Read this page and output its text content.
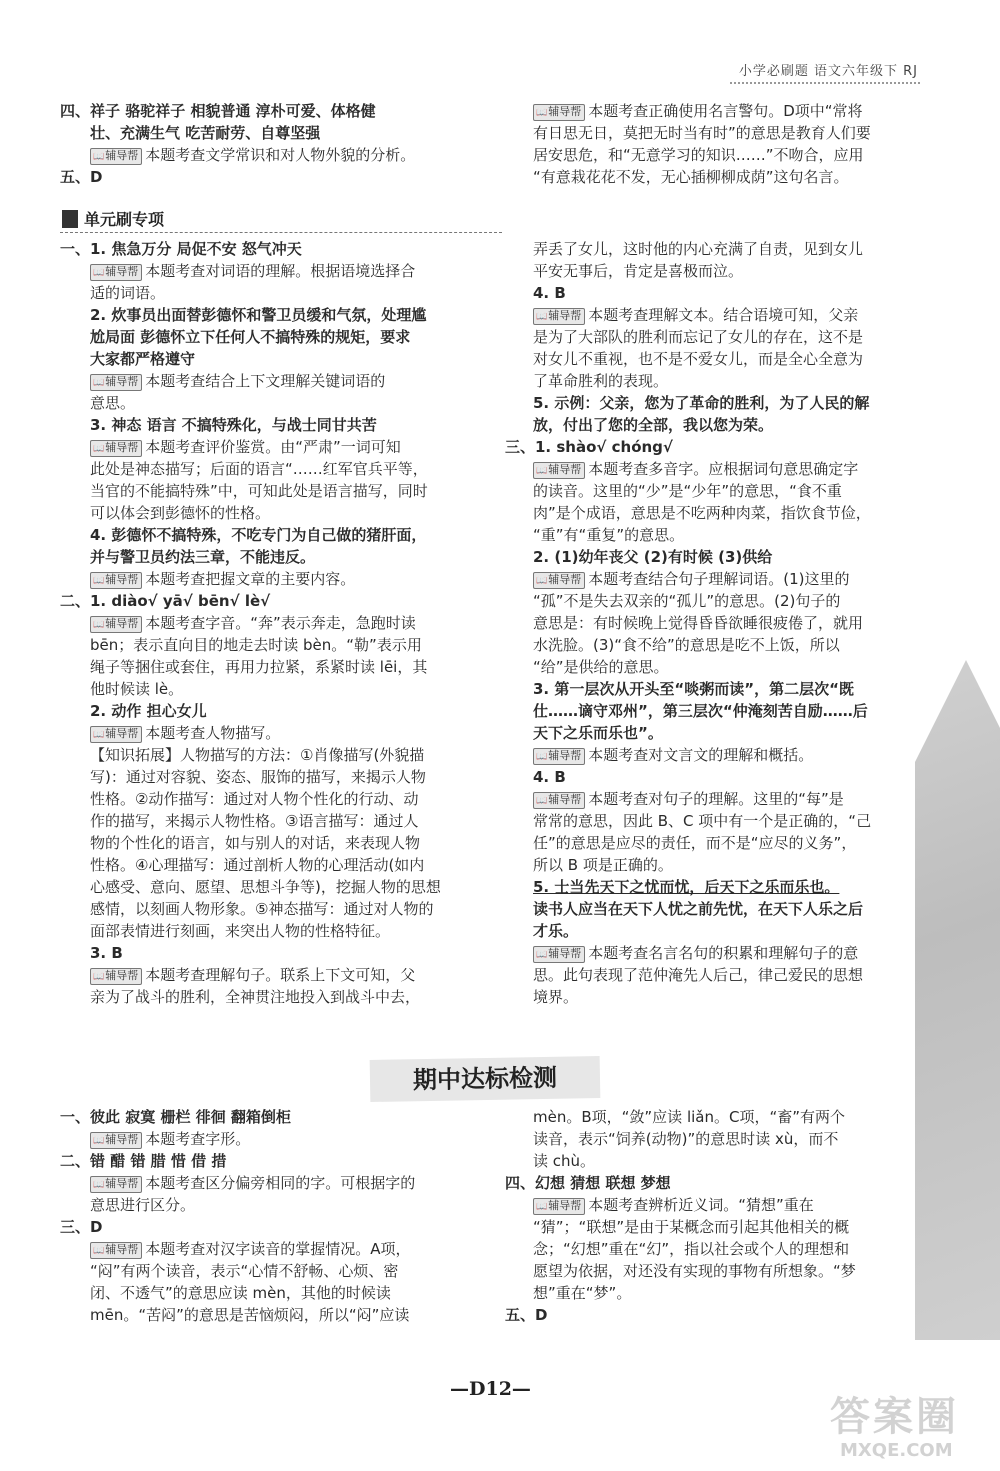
小学必刷题 语文六年级下 RJ
四、祥子 骆驼祥子 相貌普通 淳朴可爱、体格健
壮、充满生气 吃苦耐劳、自尊坚强
📖 辅导帮 本题考查文学常识和对人物外貌的分析。
五、D
📖 辅导帮 本题考查正确使用名言警句。D项中“常将
有日思无日，莫把无时当有时”的意思是教育人们要
居安思危，和“无意学习的知识……”不吻合，应用
“有意栽花花不发，无心插柳柳成荫”这句名言。
单元刷专项
一、1. 焦急万分 局促不安 怒气冲天
📖 辅导帮 本题考查对词语的理解。根据语境选择合
适的词语。
2. 炊事员出面替彭德怀和警卫员缓和气氛，处理尴
尬局面 彭德怀立下任何人不搞特殊的规矩，要求
大家都严格遵守
📖 辅导帮 本题考查结合上下文理解关键词语的
意思。
3. 神态 语言 不搞特殊化，与战士同甘共苦
📖 辅导帮 本题考查评价鉴赏。由“严肃”一词可知
此处是神态描写；后面的语言“……红军官兵平等，
当官的不能搞特殊”中，可知此处是语言描写，同时
可以体会到彭德怀的性格。
4. 彭德怀不搞特殊，不吃专门为自己做的猪肝面，
并与警卫员约法三章，不能违反。
📖 辅导帮 本题考查把握文章的主要内容。
二、1. diào√ yā√ bēn√ lè√
📖 辅导帮 本题考查字音。“奔”表示奔走，急跑时读
bēn；表示直向目的地走去时读 bèn。“勒”表示用
绳子等捆住或套住，再用力拉紧，系紧时读 lēi，其
他时候读 lè。
2. 动作 担心女儿
📖 辅导帮 本题考查人物描写。
【知识拓展】人物描写的方法：①肖像描写(外貌描
写)：通过对容貌、姿态、服饰的描写，来揭示人物
性格。②动作描写：通过对人物个性化的行动、动
作的描写，来揭示人物性格。③语言描写：通过人
物的个性化的语言，如与别人的对话，来表现人物
性格。④心理描写：通过剖析人物的心理活动(如内
心感受、意向、愿望、思想斗争等)，挖掘人物的思想
感情，以刻画人物形象。⑤神态描写：通过对人物的
面部表情进行刻画，来突出人物的性格特征。
3. B
📖 辅导帮 本题考查理解句子。联系上下文可知，父
亲为了战斗的胜利，全神贯注地投入到战斗中去，
弄丢了女儿，这时他的内心充满了自责，见到女儿
平安无事后，肯定是喜极而泣。
4. B
📖 辅导帮 本题考查理解文本。结合语境可知，父亲
是为了大部队的胜利而忘记了女儿的存在，这不是
对女儿不重视，也不是不爱女儿，而是全心全意为
了革命胜利的表现。
5. 示例：父亲，您为了革命的胜利，为了人民的解
放，付出了您的全部，我以您为荣。
三、1. shào√ chóng√
📖 辅导帮 本题考查多音字。应根据词句意思确定字
的读音。这里的“少”是“少年”的意思，“食不重
肉”是个成语，意思是不吃两种肉菜，指饮食节俭，
“重”有“重复”的意思。
2. (1)幼年丧父 (2)有时候 (3)供给
📖 辅导帮 本题考查结合句子理解词语。(1)这里的
“孤”不是失去双亲的“孤儿”的意思。(2)句子的
意思是：有时候晚上觉得昏昏欲睡很疲倦了，就用
水洗脸。(3)“食不给”的意思是吃不上饭，所以
“给”是供给的意思。
3. 第一层次从开头至“啖粥而读”，第二层次“既
仕……谪守邓州”，第三层次“仲淹刻苦自励……后
天下之乐而乐也”。
📖 辅导帮 本题考查对文言文的理解和概括。
4. B
📖 辅导帮 本题考查对句子的理解。这里的“每”是
常常的意思，因此 B、C 项中有一个是正确的，“己
任”的意思是应尽的责任，而不是“应尽的义务”，
所以 B 项是正确的。
5. 士当先天下之忧而忧，后天下之乐而乐也。
读书人应当在天下人忧之前先忧，在天下人乐之后
才乐。
📖 辅导帮 本题考查名言名句的积累和理解句子的意
思。此句表现了范仲淹先人后己，律己爱民的思想
境界。
期中达标检测
一、彼此 寂寞 栅栏 徘徊 翻箱倒柜
📖 辅导帮 本题考查字形。
二、错 醋 错 腊 惜 借 措
📖 辅导帮 本题考查区分偏旁相同的字。可根据字的
意思进行区分。
三、D
📖 辅导帮 本题考查对汉字读音的掌握情况。A项，
“闷”有两个读音，表示“心情不舒畅、心烦、密
闭、不透气”的意思应读 mèn，其他的时候读
mēn。“苦闷”的意思是苦恼烦闷，所以“闷”应读
mèn。B项，“敛”应读 liǎn。C项，“畜”有两个
读音，表示“饲养(动物)”的意思时读 xù，而不
读 chù。
四、幻想 猜想 联想 梦想
📖 辅导帮 本题考查辨析近义词。“猜想”重在
“猜”；“联想”是由于某概念而引起其他相关的概
念；“幻想”重在“幻”，指以社会或个人的理想和
愿望为依据，对还没有实现的事物有所想象。“梦
想”重在“梦”。
五、D
—D12—
答案圈
MXQE.COM
